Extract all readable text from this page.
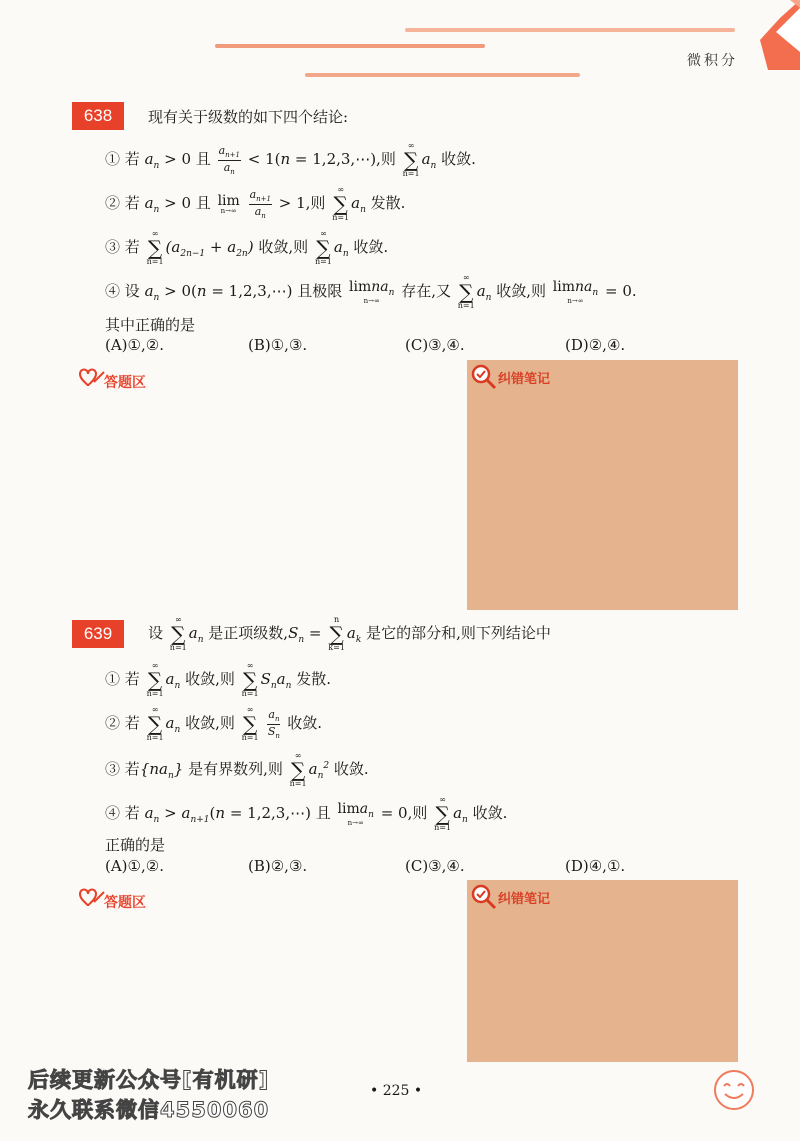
微积分
638	现有关于级数的如下四个结论:
① 若 $a_n > 0$ 且 $\frac{a_{n+1}}{a_n} < 1(n$ = 1,2,3,⋯),则
∞
∑
n=1
$a_n$ 收敛.
② 若 $a_n > 0$ 且 lim
n→∞
$\frac{a_{n+1}}{a_n} > 1$,则
∞
∑
n=1
$a_n$ 发散.
③ 若
∞
∑
n=1
$(a_{2n-1} + a_{2n})$ 收敛,则
∞
∑
n=1
$a_n$ 收敛.
④ 设 $a_n > 0(n$ = 1,2,3,⋯) 且极限 limna$_n$
n→∞
存在,又
∞
∑
n=1
$a_n$ 收敛,则 limna$_n$
n→∞
= 0.
其中正确的是
(A)①,②.	(B)①,③.	(C)③,④.	(D)②,④.
答题区	纠错笔记
639	设
∞
∑
n=1
$a_n$ 是正项级数$,S_n$ =
n
∑
k=1
$a_k$ 是它的部分和,则下列结论中
① 若
∞
∑
n=1
$a_n$ 收敛,则
∞
∑
n=1
$S_na_n$ 发散.
② 若
∞
∑
n=1
$a_n$ 收敛,则
∞
∑
n=1
$\frac{a_n}{S_n}$ 收敛.
③ 若$\{na_n\}$ 是有界数列,则
∞
∑
n=1
$a_n^2$ 收敛.
④ 若 $a_n > a_{n+1}(n$ = 1,2,3,⋯) 且 lima$_n$
n→∞
= 0,则
∞
∑
n=1
$a_n$ 收敛.
正确的是
(A)①,②.	(B)②,③.	(C)③,④.	(D)④,①.
答题区	纠错笔记
• 225 •
后续更新公众号[有机研]
永久联系微信4550060
